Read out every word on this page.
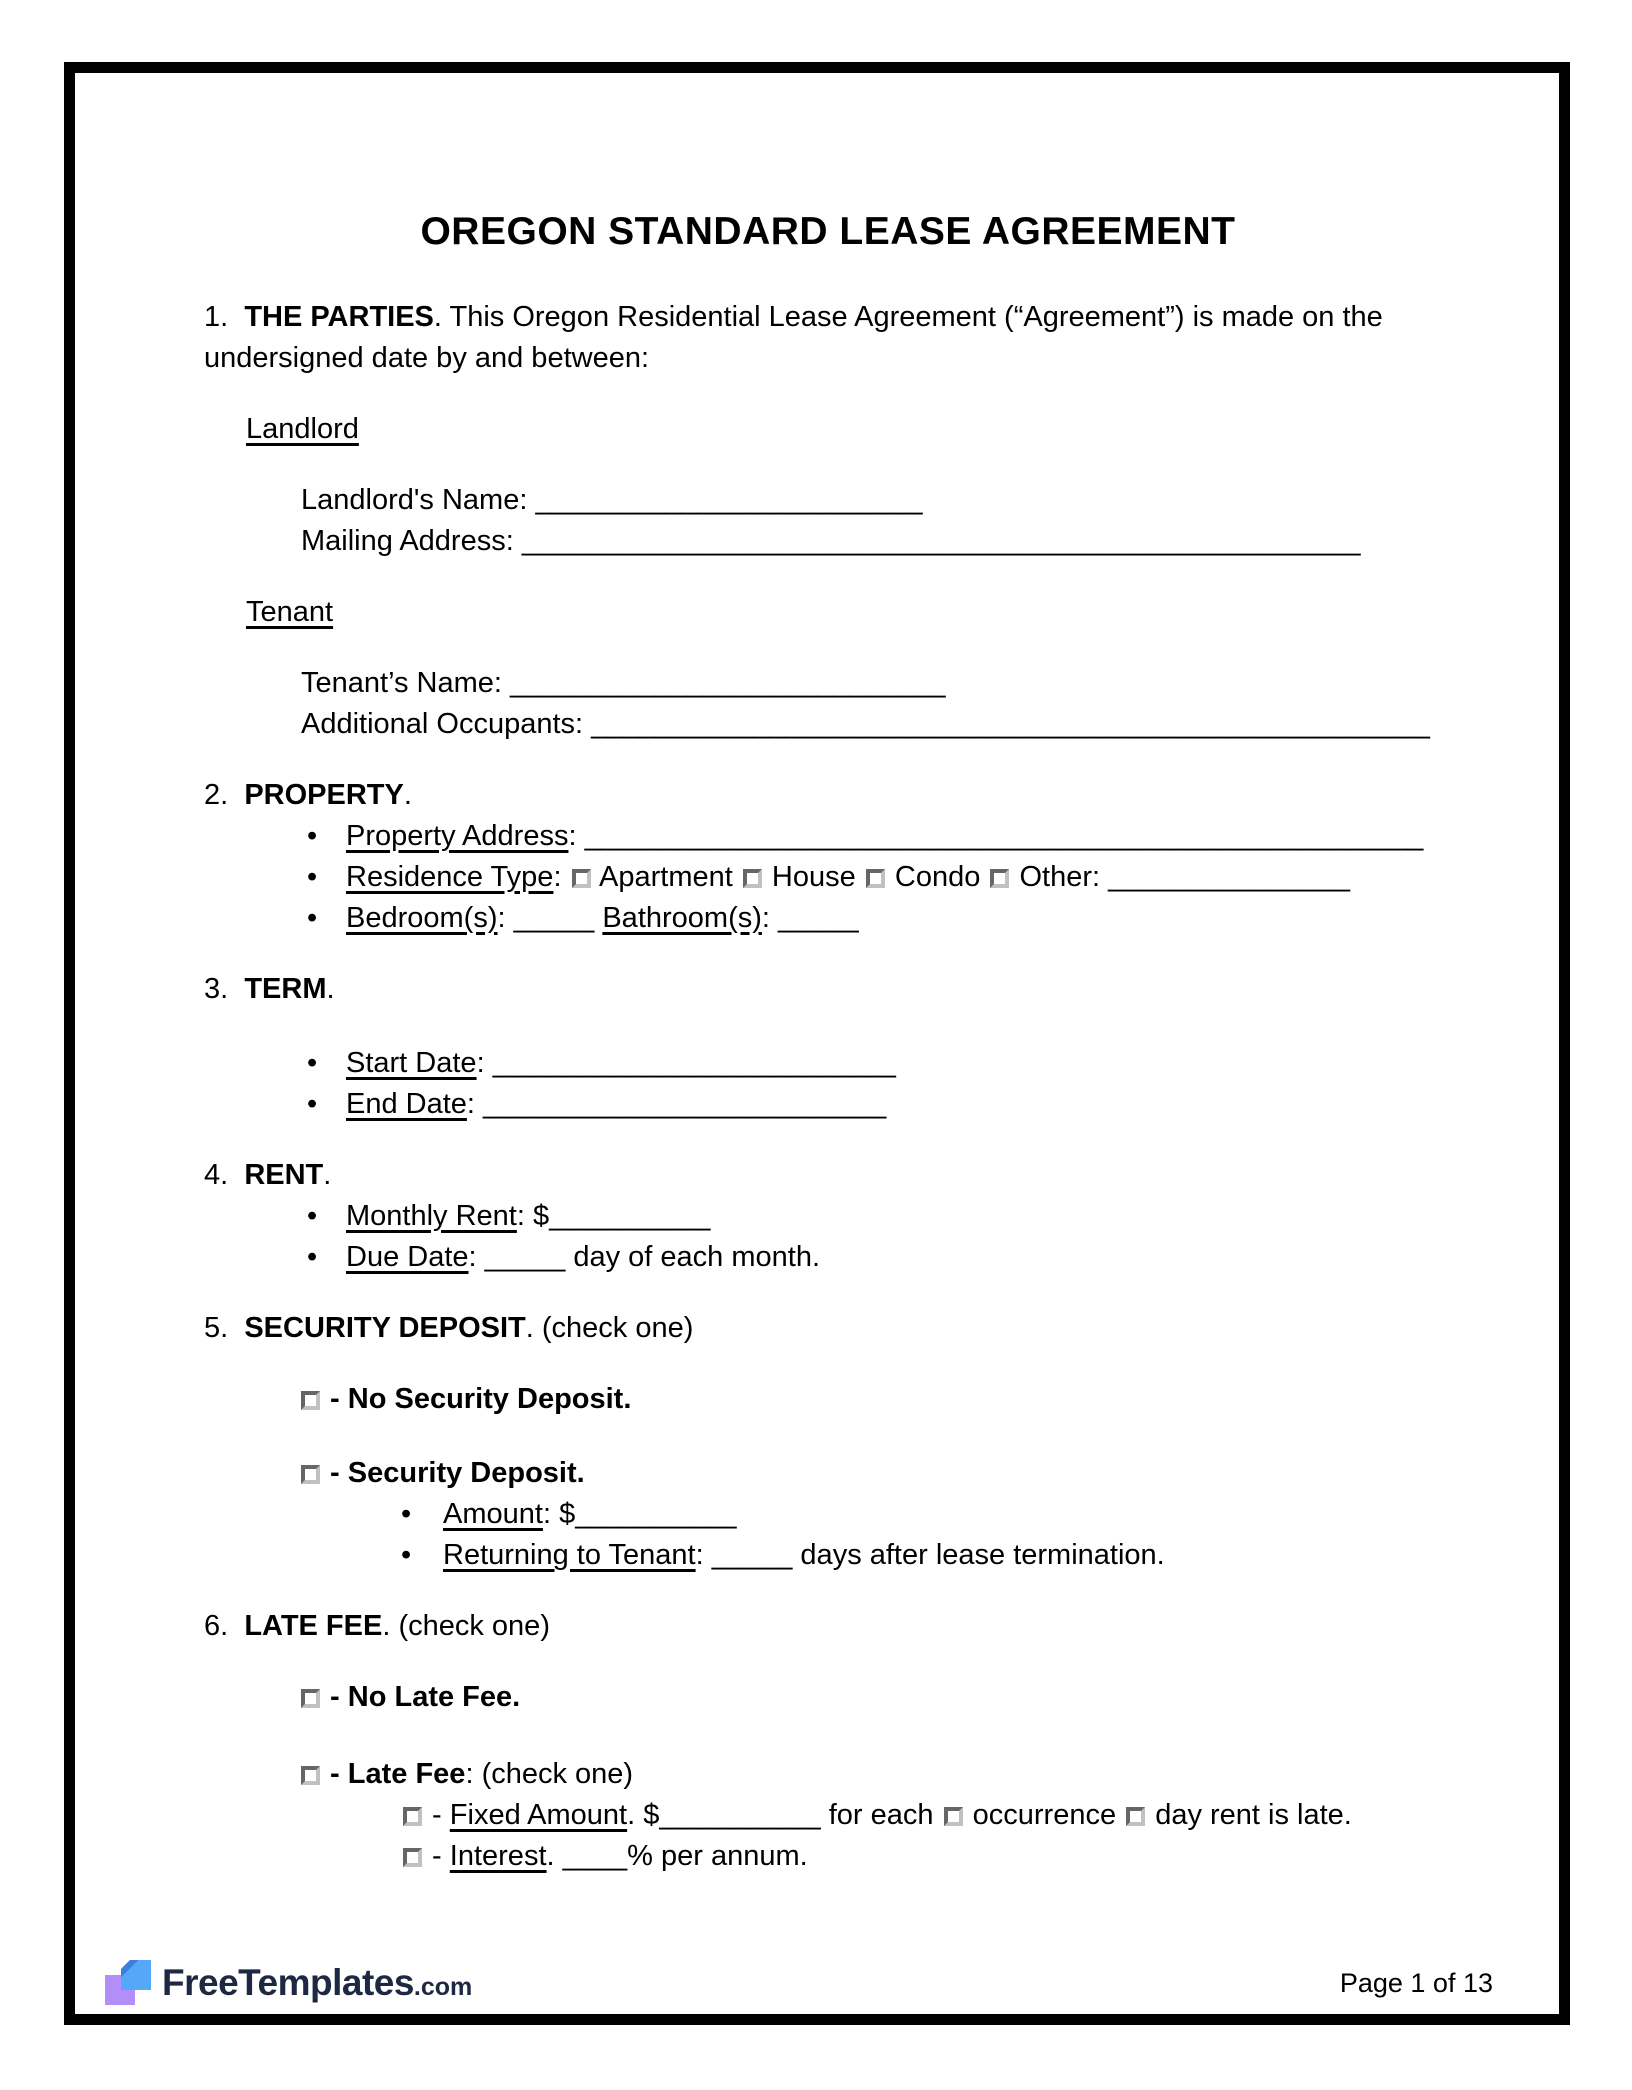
OREGON STANDARD LEASE AGREEMENT
1. THE PARTIES. This Oregon Residential Lease Agreement (“Agreement”) is made on the
undersigned date by and between:
Landlord
Landlord's Name: ________________________
Mailing Address: ____________________________________________________
Tenant
Tenant’s Name: ___________________________
Additional Occupants: ____________________________________________________
2. PROPERTY.
• Property Address: ____________________________________________________
• Residence Type:  Apartment  House  Condo  Other: _______________
• Bedroom(s): _____ Bathroom(s): _____
3. TERM.
• Start Date: _________________________
• End Date: _________________________
4. RENT.
• Monthly Rent: $__________
• Due Date: _____ day of each month.
5. SECURITY DEPOSIT. (check one)
- No Security Deposit.
- Security Deposit.
• Amount: $__________
• Returning to Tenant: _____ days after lease termination.
6. LATE FEE. (check one)
- No Late Fee.
- Late Fee: (check one)
- Fixed Amount. $__________ for each  occurrence  day rent is late.
- Interest. ____% per annum.
FreeTemplates.com	Page 1 of 13
